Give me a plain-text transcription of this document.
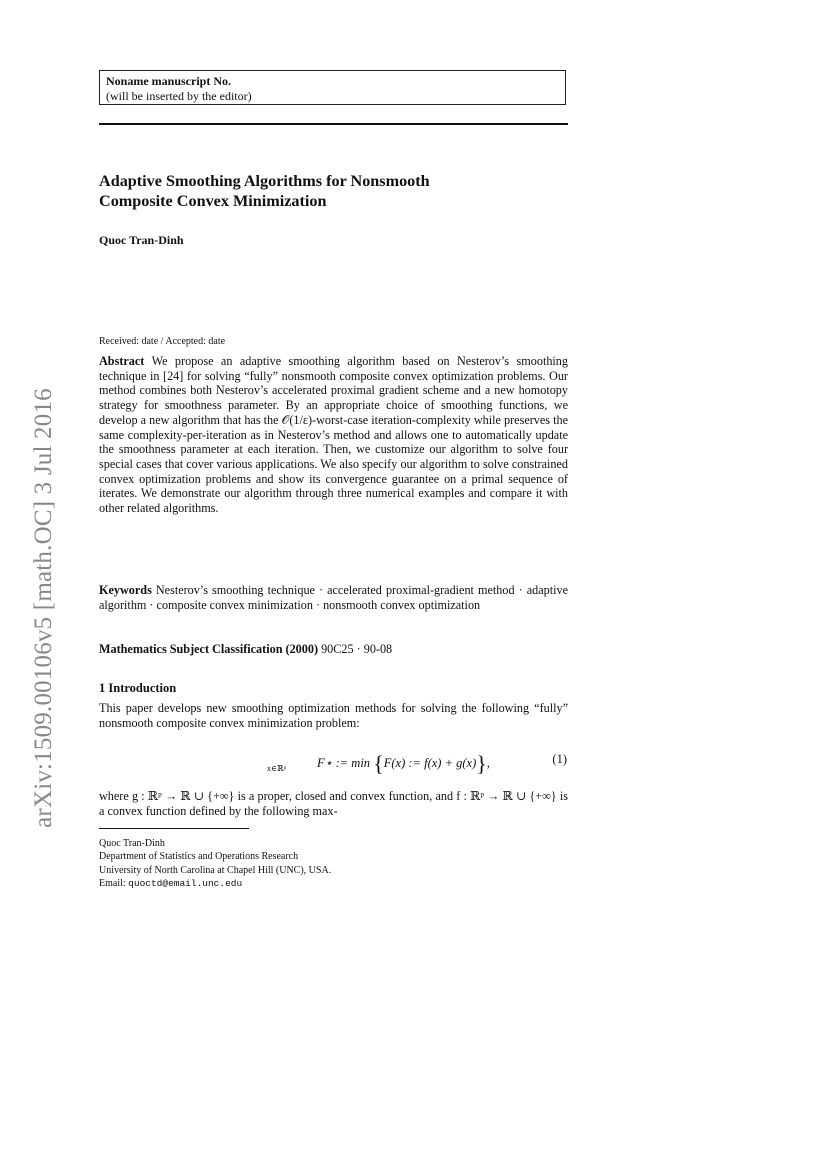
arXiv:1509.00106v5 [math.OC] 3 Jul 2016
Noname manuscript No.
(will be inserted by the editor)
Adaptive Smoothing Algorithms for Nonsmooth
Composite Convex Minimization
Quoc Tran-Dinh
Received: date / Accepted: date
Abstract We propose an adaptive smoothing algorithm based on Nesterov’s smoothing technique in [24] for solving “fully” nonsmooth composite convex optimization problems. Our method combines both Nesterov’s accelerated proximal gradient scheme and a new homotopy strategy for smoothness parameter. By an appropriate choice of smoothing functions, we develop a new algorithm that has the 𝒪(1/ε)-worst-case iteration-complexity while preserves the same complexity-per-iteration as in Nesterov’s method and allows one to automatically update the smoothness parameter at each iteration. Then, we customize our algorithm to solve four special cases that cover various applications. We also specify our algorithm to solve constrained convex optimization problems and show its convergence guarantee on a primal sequence of iterates. We demonstrate our algorithm through three numerical examples and compare it with other related algorithms.
Keywords Nesterov’s smoothing technique · accelerated proximal-gradient method · adaptive algorithm · composite convex minimization · nonsmooth convex optimization
Mathematics Subject Classification (2000) 90C25 · 90-08
1 Introduction
This paper develops new smoothing optimization methods for solving the following “fully” nonsmooth composite convex minimization problem:
F⋆ := min {F(x) := f(x) + g(x)},
x∈ℝᵖ
(1)
where g : ℝᵖ → ℝ ∪ {+∞} is a proper, closed and convex function, and f : ℝᵖ → ℝ ∪ {+∞} is a convex function defined by the following max-
Quoc Tran-Dinh
Department of Statistics and Operations Research
University of North Carolina at Chapel Hill (UNC), USA.
Email: quoctd@email.unc.edu
